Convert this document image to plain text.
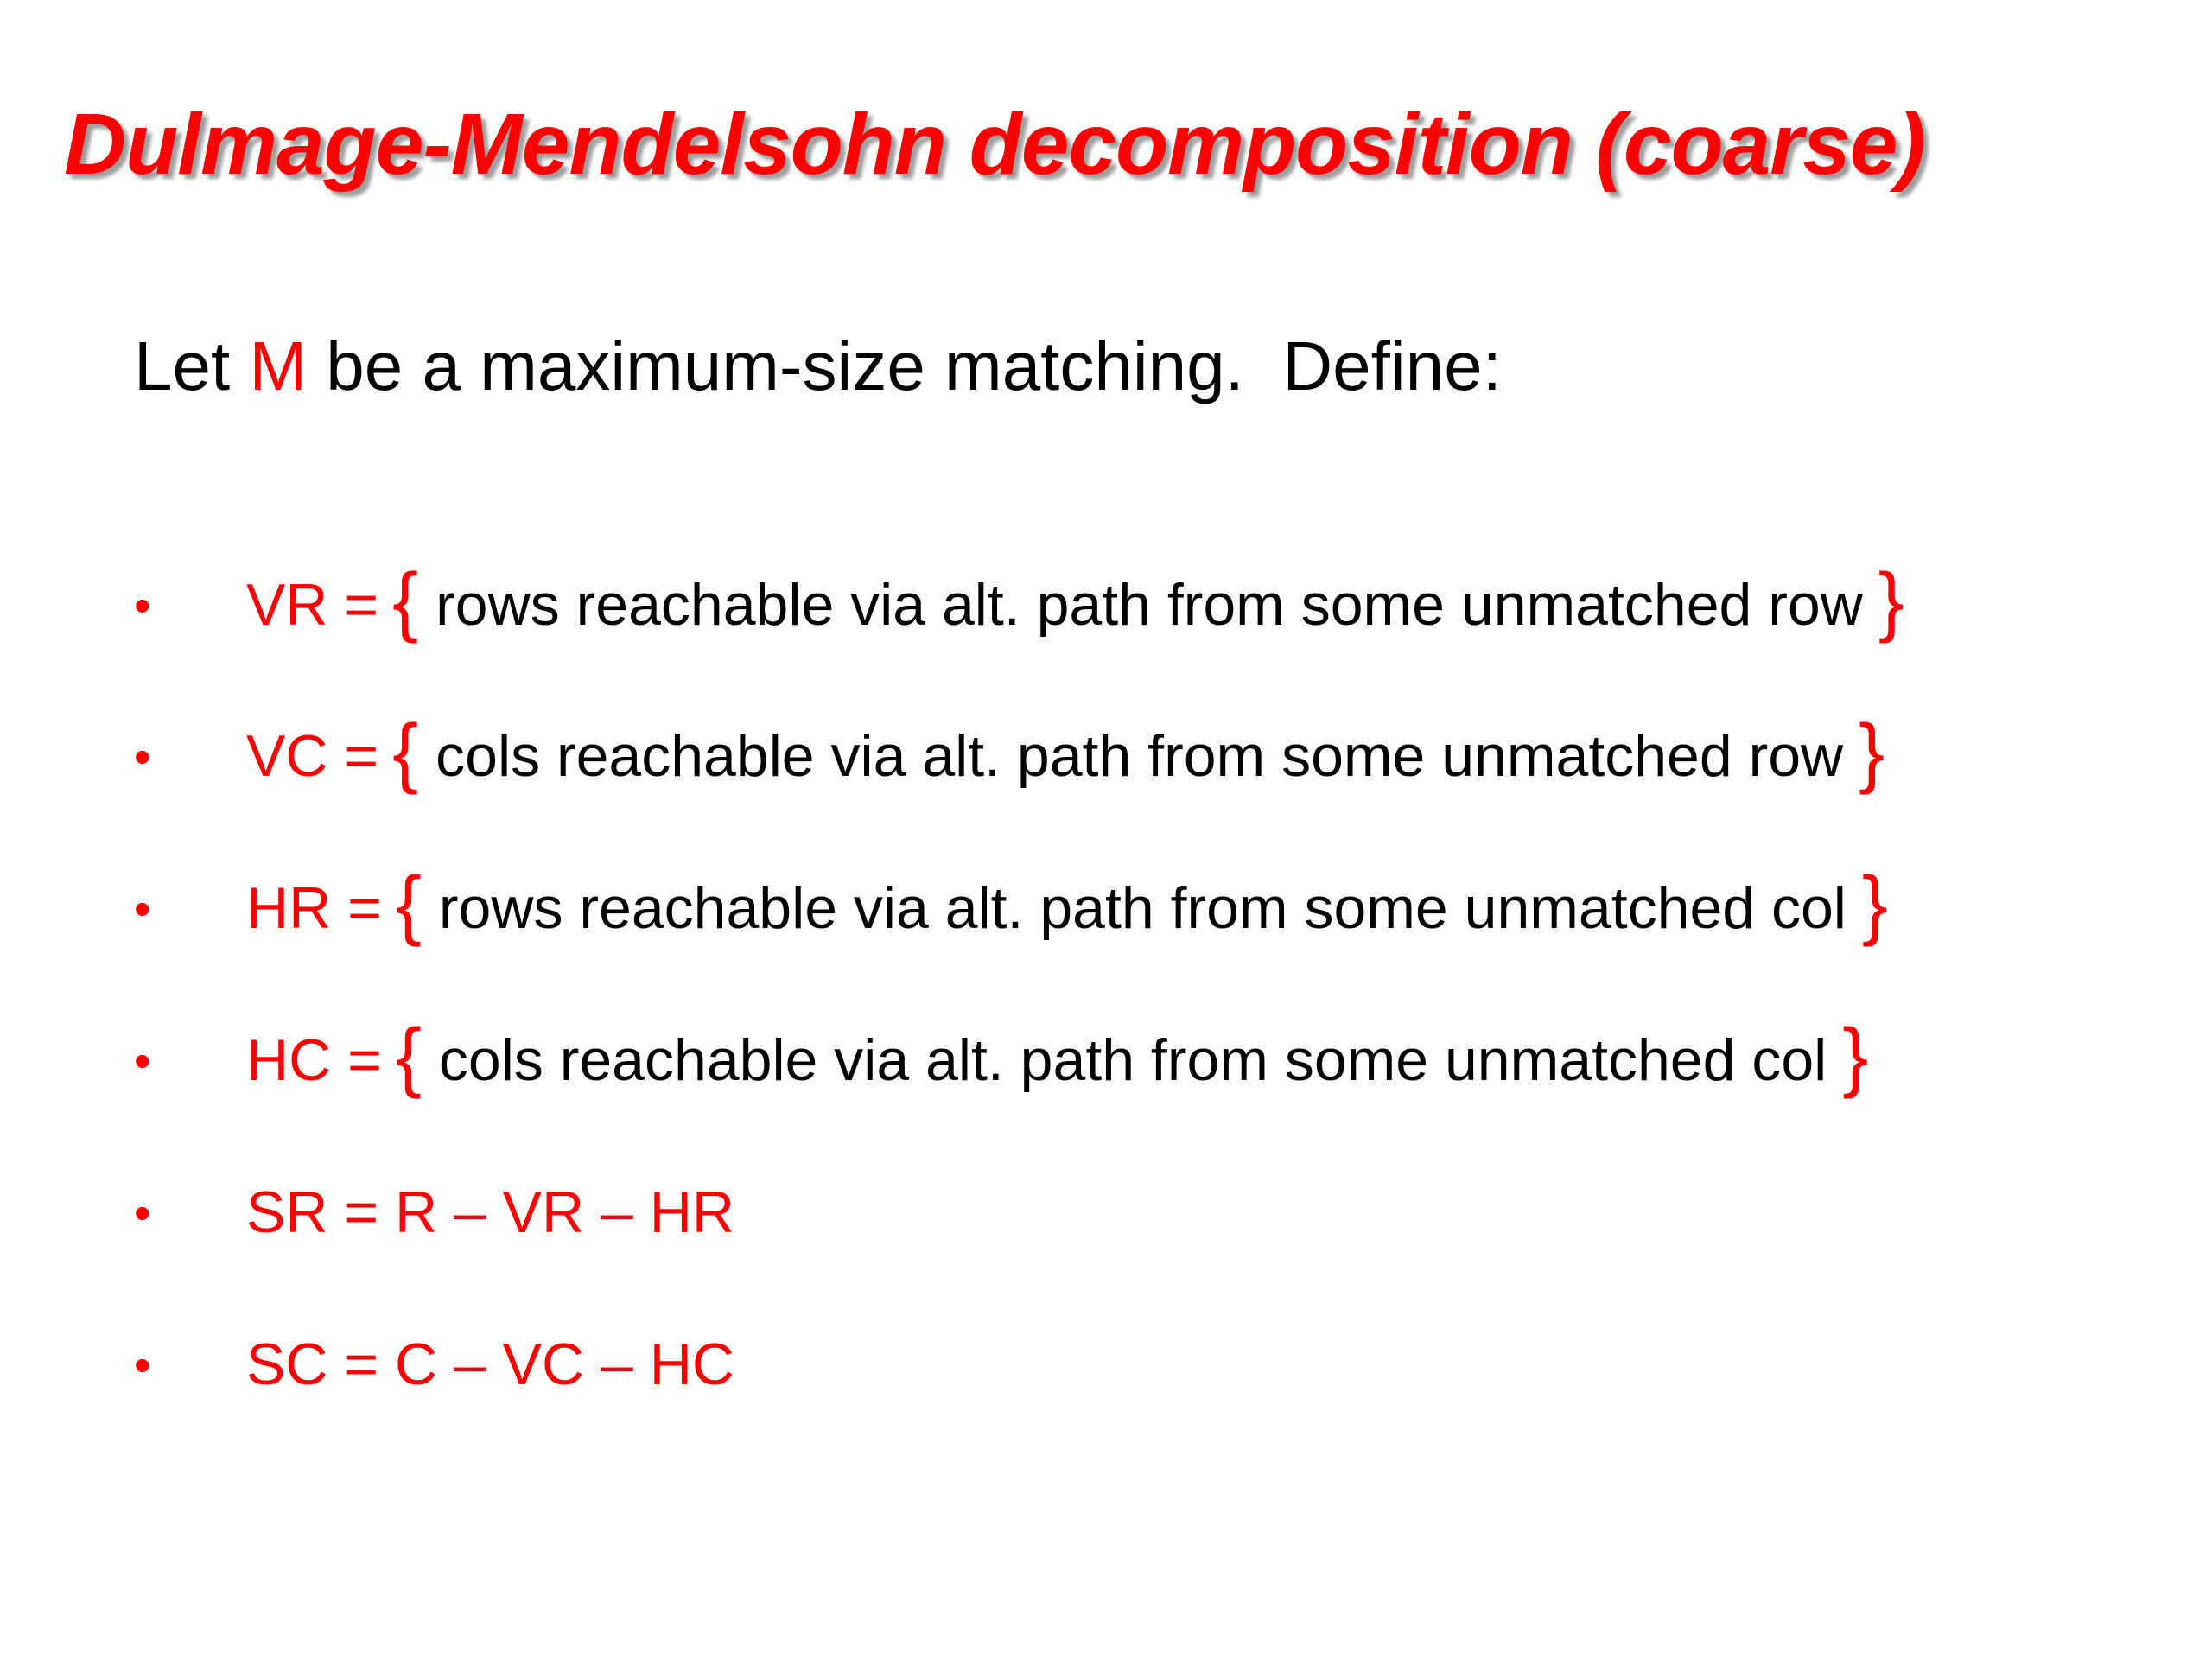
Dulmage-Mendelsohn decomposition (coarse)
Let M be a maximum-size matching.  Define:
•	VR = { rows reachable via alt. path from some unmatched row }
•	VC = { cols reachable via alt. path from some unmatched row }
•	HR = { rows reachable via alt. path from some unmatched col }
•	HC = { cols reachable via alt. path from some unmatched col }
•	SR = R – VR – HR
•	SC = C – VC – HC
